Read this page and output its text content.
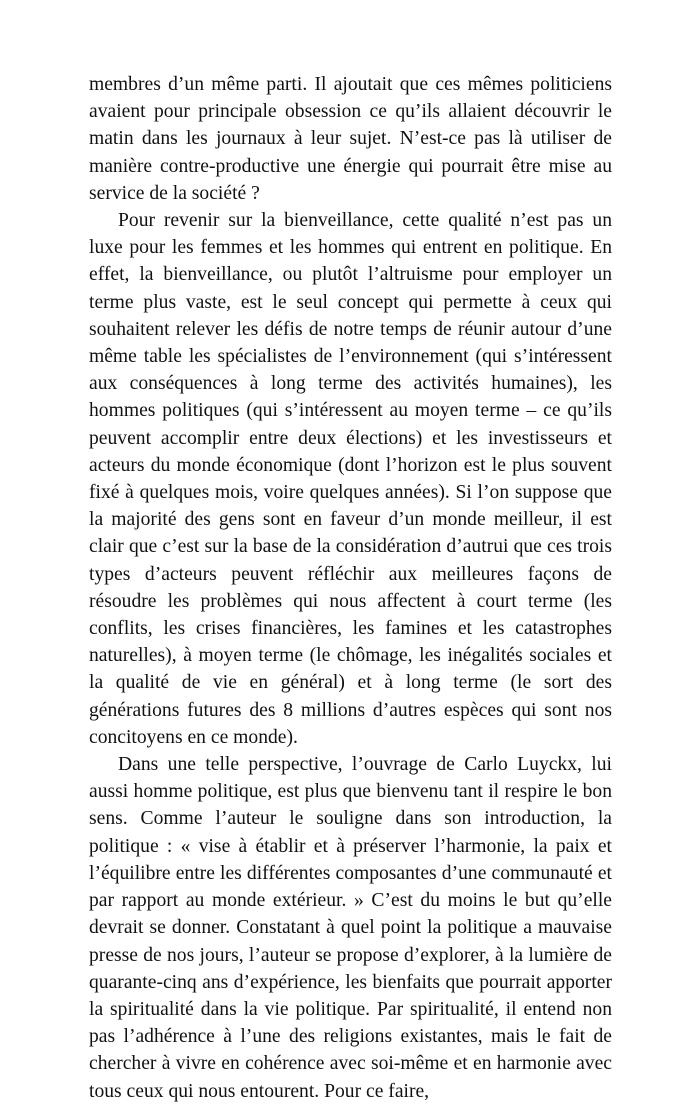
membres d’un même parti. Il ajoutait que ces mêmes politiciens avaient pour principale obsession ce qu’ils allaient découvrir le matin dans les journaux à leur sujet. N’est-ce pas là utiliser de manière contre-productive une énergie qui pourrait être mise au service de la société ?

Pour revenir sur la bienveillance, cette qualité n’est pas un luxe pour les femmes et les hommes qui entrent en politique. En effet, la bienveillance, ou plutôt l’altruisme pour employer un terme plus vaste, est le seul concept qui permette à ceux qui souhaitent relever les défis de notre temps de réunir autour d’une même table les spécialistes de l’environnement (qui s’intéressent aux conséquences à long terme des activités humaines), les hommes politiques (qui s’intéressent au moyen terme – ce qu’ils peuvent accomplir entre deux élections) et les investisseurs et acteurs du monde économique (dont l’horizon est le plus souvent fixé à quelques mois, voire quelques années). Si l’on suppose que la majorité des gens sont en faveur d’un monde meilleur, il est clair que c’est sur la base de la considération d’autrui que ces trois types d’acteurs peuvent réfléchir aux meilleures façons de résoudre les problèmes qui nous affectent à court terme (les conflits, les crises financières, les famines et les catastrophes naturelles), à moyen terme (le chômage, les inégalités sociales et la qualité de vie en général) et à long terme (le sort des générations futures des 8 millions d’autres espèces qui sont nos concitoyens en ce monde).

Dans une telle perspective, l’ouvrage de Carlo Luyckx, lui aussi homme politique, est plus que bienvenu tant il respire le bon sens. Comme l’auteur le souligne dans son introduction, la politique : « vise à établir et à préserver l’harmonie, la paix et l’équilibre entre les différentes composantes d’une communauté et par rapport au monde extérieur. » C’est du moins le but qu’elle devrait se donner. Constatant à quel point la politique a mauvaise presse de nos jours, l’auteur se propose d’explorer, à la lumière de quarante-cinq ans d’expérience, les bienfaits que pourrait apporter la spiritualité dans la vie politique. Par spiritualité, il entend non pas l’adhérence à l’une des religions existantes, mais le fait de chercher à vivre en cohérence avec soi-même et en harmonie avec tous ceux qui nous entourent. Pour ce faire,
